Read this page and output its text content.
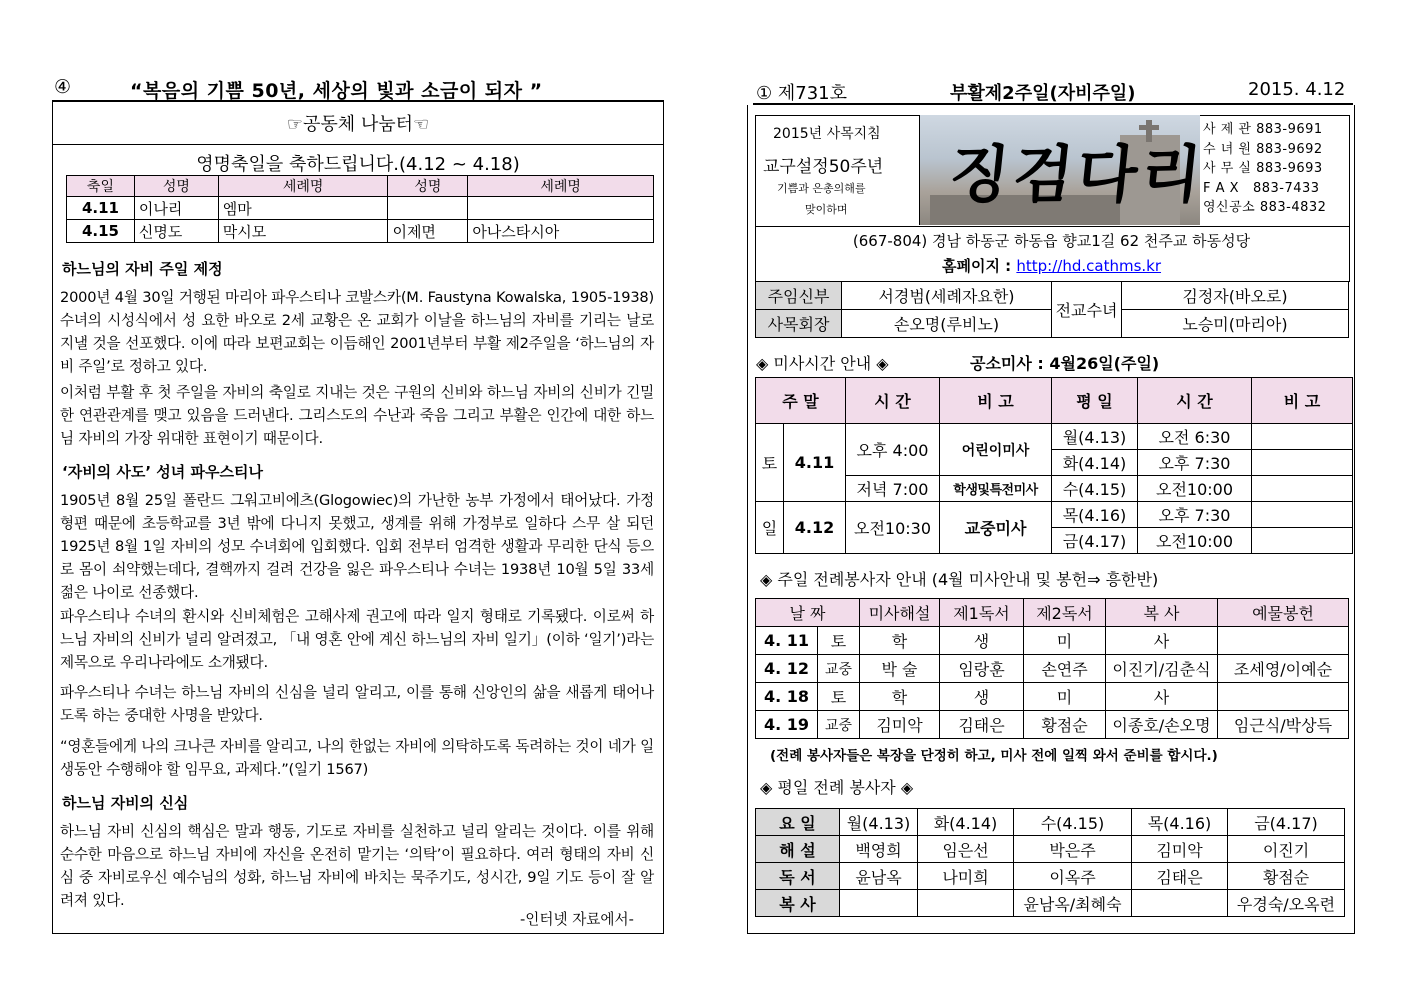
④	“복음의 기쁨 50년, 세상의 빛과 소금이 되자 ”
☞공동체 나눔터☜
영명축일을 축하드립니다.(4.12 ~ 4.18)
축일	성명	세례명	성명	세례명
4.11	이나리	엠마		
4.15	신명도	막시모	이제면	아나스타시아
하느님의 자비 주일 제정
2000년 4월 30일 거행된 마리아 파우스티나 코발스카(M. Faustyna Kowalska, 1905-1938) 수녀의 시성식에서 성 요한 바오로 2세 교황은 온 교회가 이날을 하느님의 자비를 기리는 날로 지낼 것을 선포했다. 이에 따라 보편교회는 이듬해인 2001년부터 부활 제2주일을 ‘하느님의 자비 주일’로 정하고 있다.
이처럼 부활 후 첫 주일을 자비의 축일로 지내는 것은 구원의 신비와 하느님 자비의 신비가 긴밀한 연관관계를 맺고 있음을 드러낸다. 그리스도의 수난과 죽음 그리고 부활은 인간에 대한 하느님 자비의 가장 위대한 표현이기 때문이다.
‘자비의 사도’ 성녀 파우스티나
1905년 8월 25일 폴란드 그워고비에츠(Glogowiec)의 가난한 농부 가정에서 태어났다. 가정형편 때문에 초등학교를 3년 밖에 다니지 못했고, 생계를 위해 가정부로 일하다 스무 살 되던 1925년 8월 1일 자비의 성모 수녀회에 입회했다. 입회 전부터 엄격한 생활과 무리한 단식 등으로 몸이 쇠약했는데다, 결핵까지 걸려 건강을 잃은 파우스티나 수녀는 1938년 10월 5일 33세 젊은 나이로 선종했다.
파우스티나 수녀의 환시와 신비체험은 고해사제 권고에 따라 일지 형태로 기록됐다. 이로써 하느님 자비의 신비가 널리 알려졌고, 「내 영혼 안에 계신 하느님의 자비 일기」(이하 ‘일기’)라는 제목으로 우리나라에도 소개됐다.
파우스티나 수녀는 하느님 자비의 신심을 널리 알리고, 이를 통해 신앙인의 삶을 새롭게 태어나도록 하는 중대한 사명을 받았다.
“영혼들에게 나의 크나큰 자비를 알리고, 나의 한없는 자비에 의탁하도록 독려하는 것이 네가 일생동안 수행해야 할 임무요, 과제다.”(일기 1567)
하느님 자비의 신심
하느님 자비 신심의 핵심은 말과 행동, 기도로 자비를 실천하고 널리 알리는 것이다. 이를 위해 순수한 마음으로 하느님 자비에 자신을 온전히 맡기는 ‘의탁’이 필요하다. 여러 형태의 자비 신심 중 자비로우신 예수님의 성화, 하느님 자비에 바치는 묵주기도, 성시간, 9일 기도 등이 잘 알려져 있다.
-인터넷 자료에서-
① 제731호	부활제2주일(자비주일)	2015. 4.12
2015년 사목지침
교구설정50주년
기쁨과 은총의해를
맞이하며 징검다리
사 제 관 883-9691
수 녀 원 883-9692
사 무 실 883-9693
F A X   883-7433
영신공소 883-4832
(667-804) 경남 하동군 하동읍 향교1길 62 천주교 하동성당
홈페이지 : http://hd.cathms.kr
주임신부	서경범(세례자요한)	전교수녀	김정자(바오로)
사목회장	손오명(루비노)		노승미(마리아)
◈ 미사시간 안내 ◈	공소미사 : 4월26일(주일)
주 말		시 간	비 고	평 일	시 간	비 고
토	4.11	오후 4:00	어린이미사	월(4.13)	오전 6:30	
				화(4.14)	오후 7:30	
		저녁 7:00	학생및특전미사	수(4.15)	오전10:00	
일	4.12	오전10:30	교중미사	목(4.16)	오후 7:30	
				금(4.17)	오전10:00	
◈ 주일 전례봉사자 안내 (4월 미사안내 및 봉헌⇒ 흥한반)
날 짜		미사해설	제1독서	제2독서	복 사	예물봉헌
4. 11	토	학	생	미	사	
4. 12	교중	박 술	임랑훈	손연주	이진기/김춘식	조세영/이예순
4. 18	토	학	생	미	사	
4. 19	교중	김미악	김태은	황점순	이종호/손오명	임근식/박상득
(전례 봉사자들은 복장을 단정히 하고, 미사 전에 일찍 와서 준비를 합시다.)
◈ 평일 전례 봉사자 ◈
요 일	월(4.13)	화(4.14)	수(4.15)	목(4.16)	금(4.17)
해 설	백영희	임은선	박은주	김미악	이진기
독 서	윤남옥	나미희	이옥주	김태은	황점순
복 사			윤남옥/최혜숙		우경숙/오옥련
